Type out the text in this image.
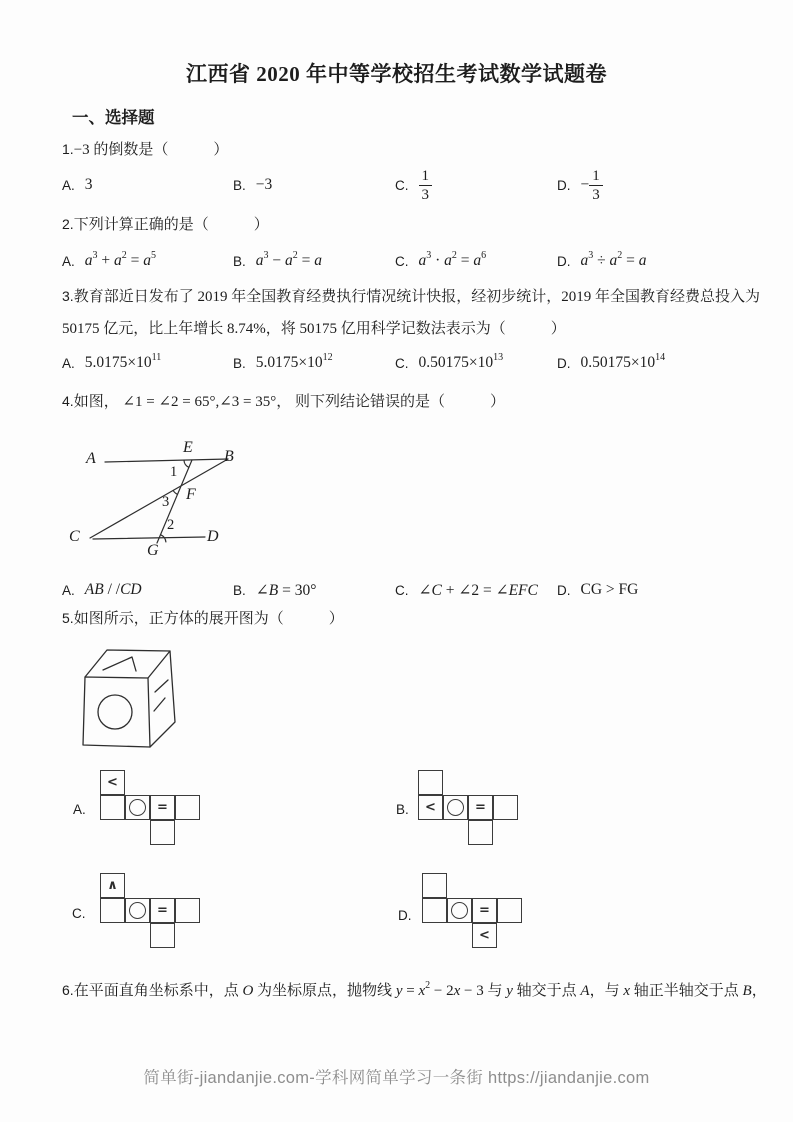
江西省 2020 年中等学校招生考试数学试题卷
一、选择题
1.−3 的倒数是（　　　）
A. 3	B. −3	C. $\frac{1}{3}$	D. − $\frac{1}{3}$
2.下列计算正确的是（　　　）
A. $a^3 + a^2 = a^5$	B. $a^3 - a^2 = a$	C. $a^3 \cdot a^2 = a^6$	D. $a^3 \div a^2 = a$
3.教育部近日发布了 2019 年全国教育经费执行情况统计快报，经初步统计，2019 年全国教育经费总投入为
50175 亿元，比上年增长 8.74%，将 50175 亿用科学记数法表示为（　　　）
A. $5.0175\times 10^{11}$	B. $5.0175\times 10^{12}$	C. $0.50175\times 10^{13}$	D. $0.50175\times 10^{14}$
4.如图， ∠1 = ∠2 = 65°,∠3 = 35°， 则下列结论错误的是（　　　）
A
E
B
F
C
G
D
1
3
2
A. AB / /CD	B. ∠B = 30°	C. ∠C + ∠2 = ∠EFC D. CG > FG
5.如图所示，正方体的展开图为（　　　）
A.
<
=	B. <	=
C.
∧
=	D.	=
<
6.在平面直角坐标系中，点 O 为坐标原点，抛物线 $y = x^2 - 2x - 3$ 与 y 轴交于点 A，与 x 轴正半轴交于点 B，
简单街-jiandanjie.com-学科网简单学习一条街 https://jiandanjie.com
